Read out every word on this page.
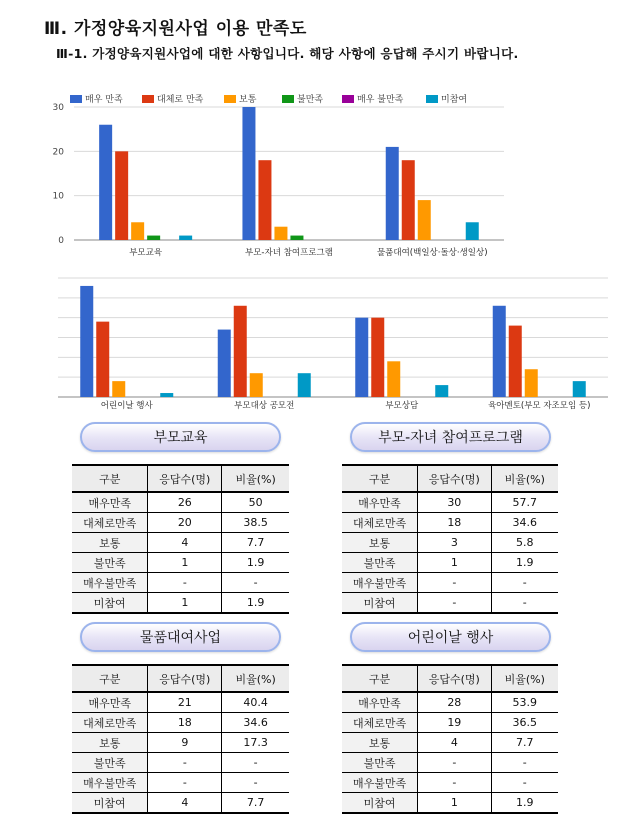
Ⅲ. 가정양육지원사업 이용 만족도
Ⅲ-1. 가정양육지원사업에 대한 사항입니다. 해당 사항에 응답해 주시기 바랍니다.
매우 만족	대체로 만족	보통	불만족	매우 불만족	미참여
0
10
20
30
부모교육	부모-자녀 참여프로그램	물품대여(백일상·돌상·생일상)
어린이날 행사	부모대상 공모전	부모상담	육아멘토(부모 자조모임 등)
부모교육	부모-자녀 참여프로그램
물품대여사업	어린이날 행사
구분	응답수(명)	비율(%)
매우만족	26	50
대체로만족	20	38.5
보통	4	7.7
불만족	1	1.9
매우불만족	-	-
미참여	1	1.9
구분	응답수(명)	비율(%)
매우만족	30	57.7
대체로만족	18	34.6
보통	3	5.8
불만족	1	1.9
매우불만족	-	-
미참여	-	-
구분	응답수(명)	비율(%)
매우만족	21	40.4
대체로만족	18	34.6
보통	9	17.3
불만족	-	-
매우불만족	-	-
미참여	4	7.7
구분	응답수(명)	비율(%)
매우만족	28	53.9
대체로만족	19	36.5
보통	4	7.7
불만족	-	-
매우불만족	-	-
미참여	1	1.9
